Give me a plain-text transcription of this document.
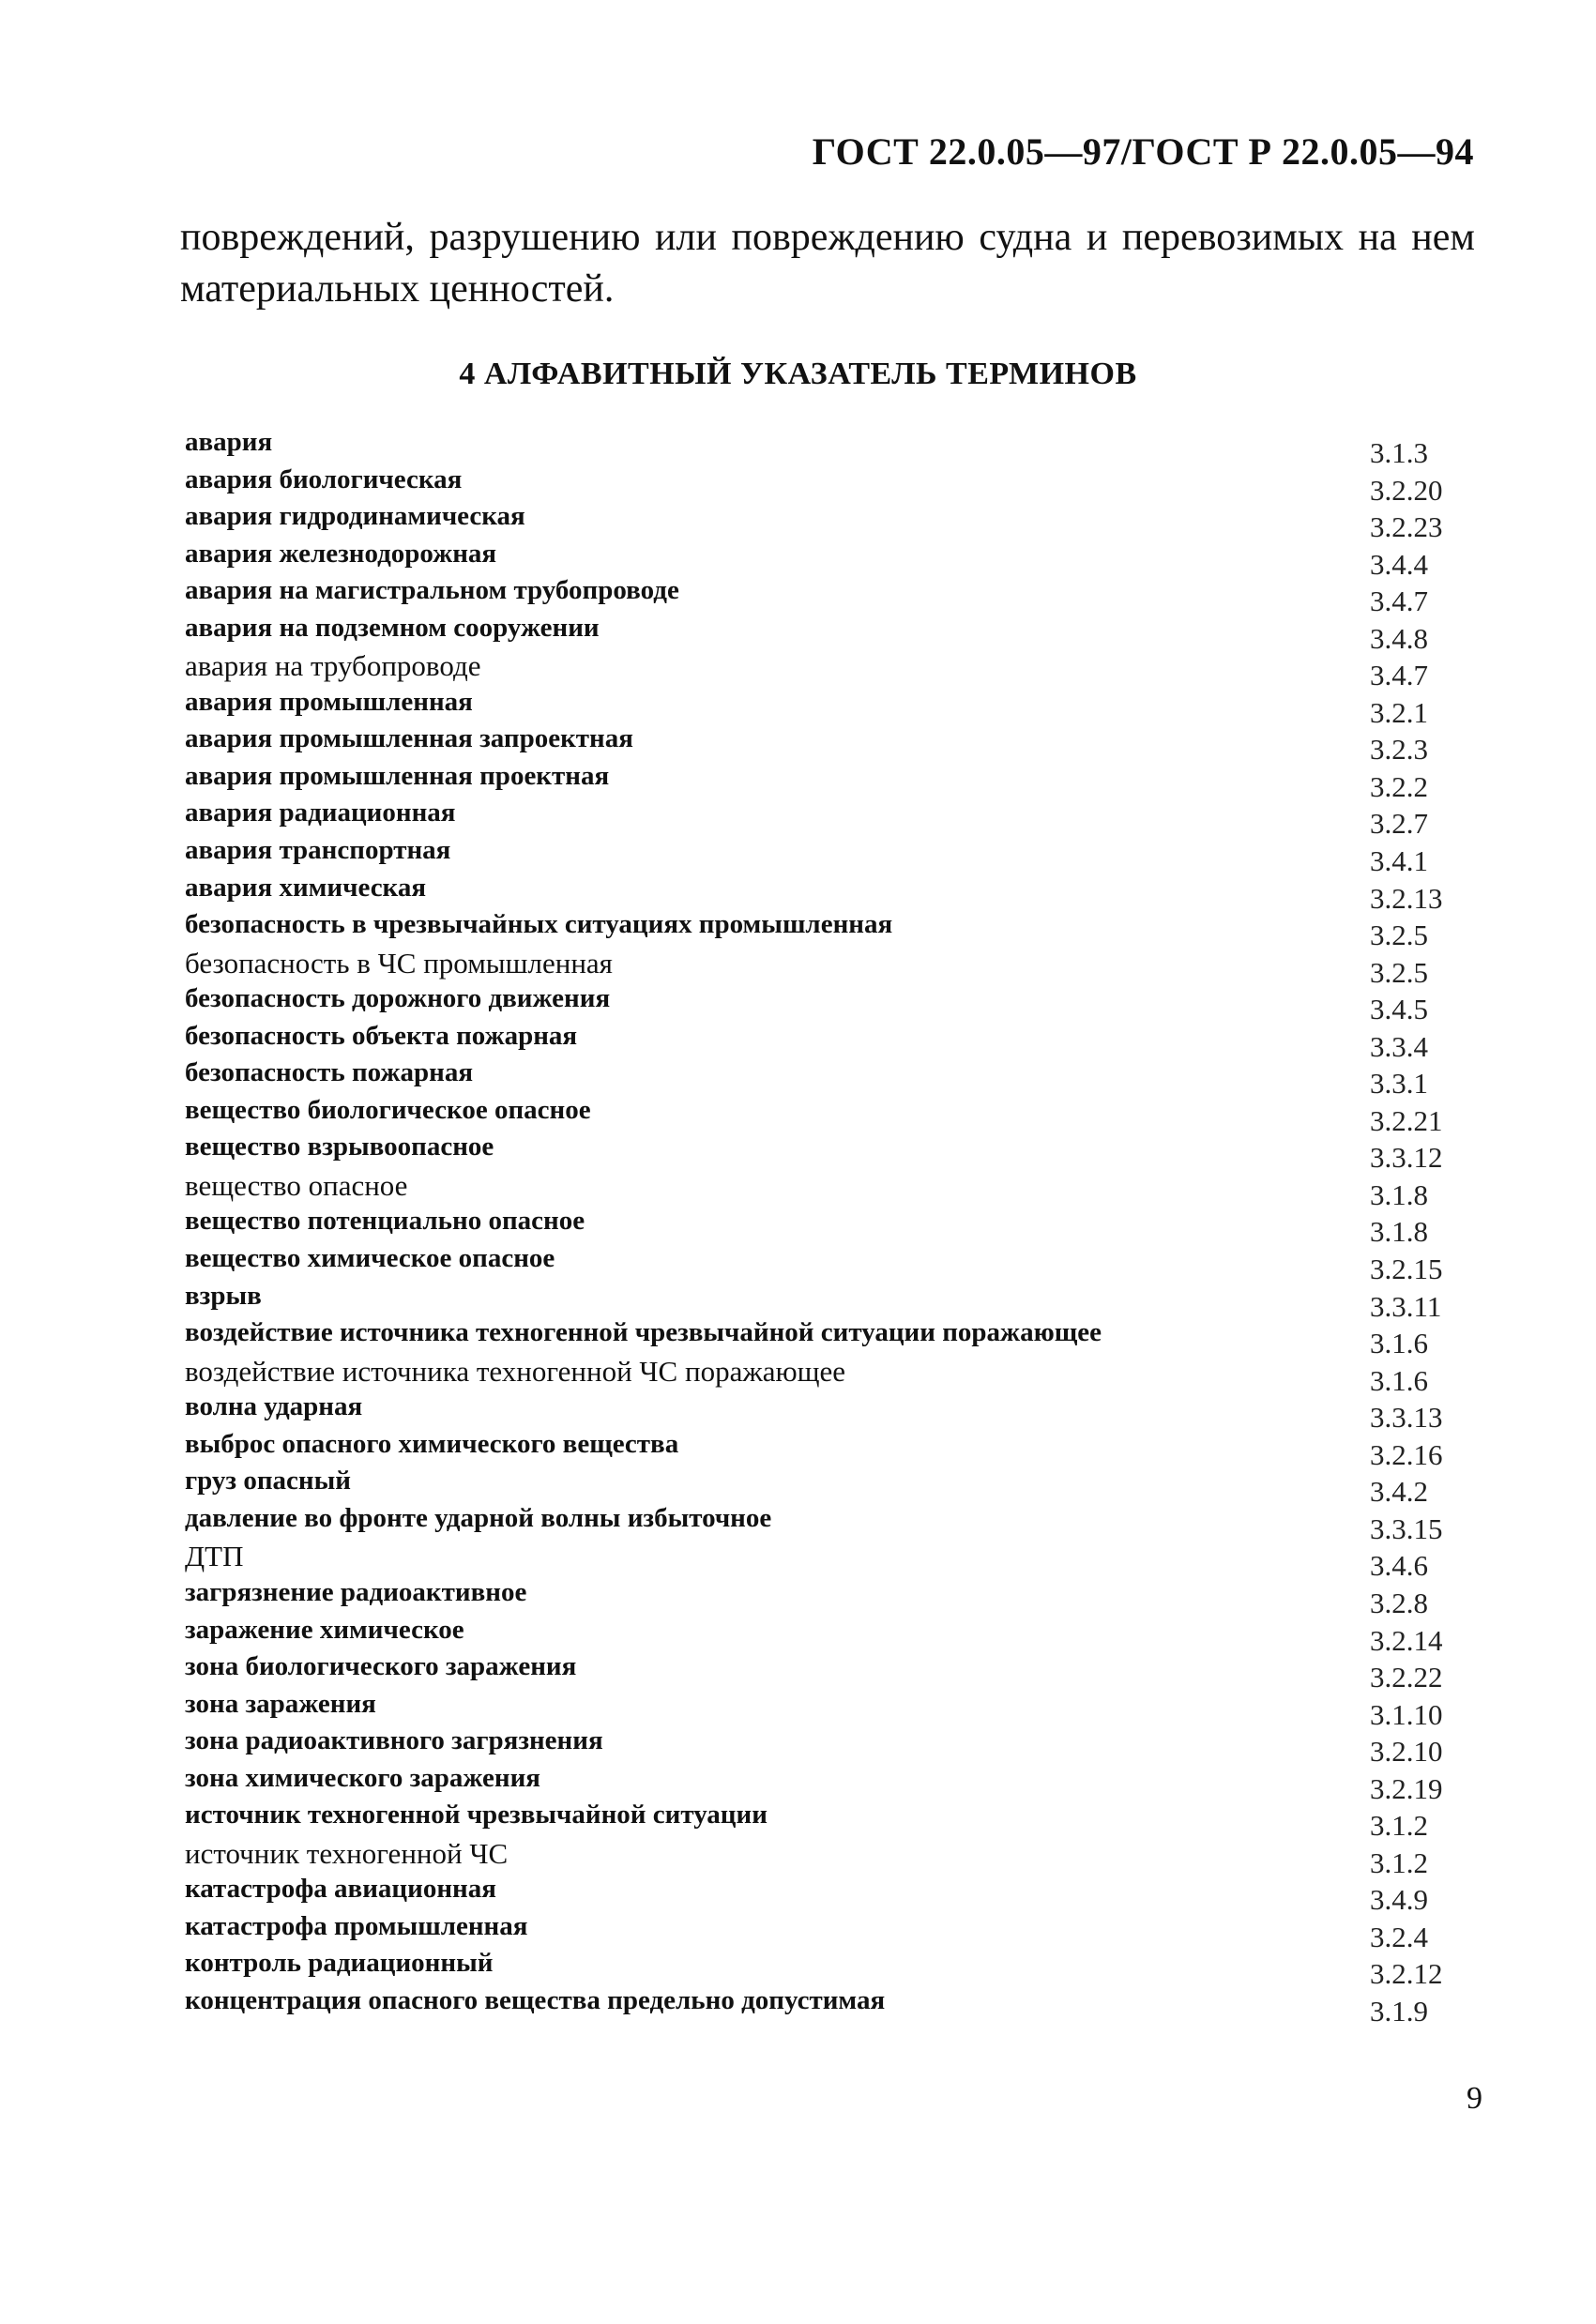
ГОСТ 22.0.05—97/ГОСТ Р 22.0.05—94

повреждений, разрушению или повреждению судна и перевозимых на нем материальных ценностей.

4 АЛФАВИТНЫЙ УКАЗАТЕЛЬ ТЕРМИНОВ
авария	3.1.3
авария биологическая	3.2.20
авария гидродинамическая	3.2.23
авария железнодорожная	3.4.4
авария на магистральном трубопроводе	3.4.7
авария на подземном сооружении	3.4.8
авария на трубопроводе	3.4.7
авария промышленная	3.2.1
авария промышленная запроектная	3.2.3
авария промышленная проектная	3.2.2
авария радиационная	3.2.7
авария транспортная	3.4.1
авария химическая	3.2.13
безопасность в чрезвычайных ситуациях промышленная	3.2.5
безопасность в ЧС промышленная	3.2.5
безопасность дорожного движения	3.4.5
безопасность объекта пожарная	3.3.4
безопасность пожарная	3.3.1
вещество биологическое опасное	3.2.21
вещество взрывоопасное	3.3.12
вещество опасное	3.1.8
вещество потенциально опасное	3.1.8
вещество химическое опасное	3.2.15
взрыв	3.3.11
воздействие источника техногенной чрезвычайной ситуации поражающее	3.1.6
воздействие источника техногенной ЧС поражающее	3.1.6
волна ударная	3.3.13
выброс опасного химического вещества	3.2.16
груз опасный	3.4.2
давление во фронте ударной волны избыточное	3.3.15
ДТП	3.4.6
загрязнение радиоактивное	3.2.8
заражение химическое	3.2.14
зона биологического заражения	3.2.22
зона заражения	3.1.10
зона радиоактивного загрязнения	3.2.10
зона химического заражения	3.2.19
источник техногенной чрезвычайной ситуации	3.1.2
источник техногенной ЧС	3.1.2
катастрофа авиационная	3.4.9
катастрофа промышленная	3.2.4
контроль радиационный	3.2.12
концентрация опасного вещества предельно допустимая	3.1.9
9
